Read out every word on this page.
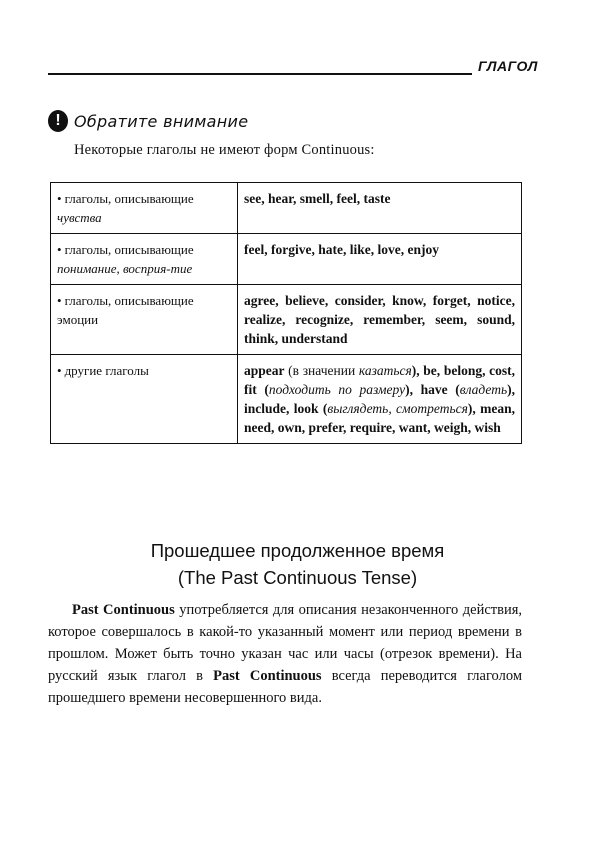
ГЛАГОЛ
! Обратите внимание
Некоторые глаголы не имеют форм Continuous:
• глаголы, описывающие
чувства	see, hear, smell, feel, taste
• глаголы, описывающие
понимание, восприя-тие	feel, forgive, hate, like, love, enjoy
• глаголы, описывающие эмоции	agree, believe, consider, know, forget, notice, realize, recognize, remember, seem, sound, think, understand
• другие глаголы	appear (в значении казаться), be, belong, cost, fit (подходить по размеру), have (владеть), include, look (выглядеть, смотреться), mean, need, own, prefer, require, want, weigh, wish
Прошедшее продолженное время
(The Past Continuous Tense)

Past Continuous употребляется для описания незаконченного действия, которое совершалось в какой-то указанный момент или период времени в прошлом. Может быть точно указан час или часы (отрезок времени). На русский язык глагол в Past Continuous всегда переводится глаголом прошедшего времени несовершенного вида.
